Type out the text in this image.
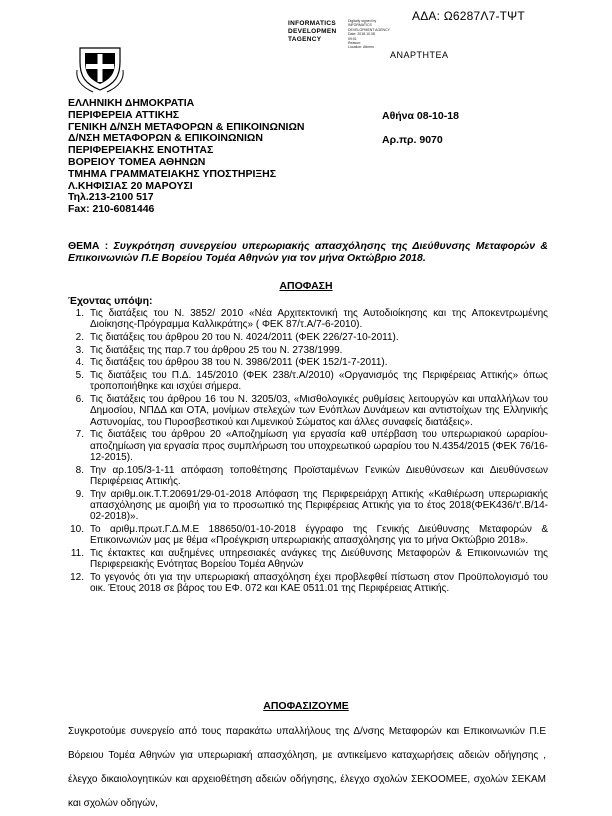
ΑΔΑ: Ω6287Λ7-ΤΨΤ
INFORMATICS
DEVELOPMEN
TAGENCY
Digitally signed by
INFORMATICS
DEVELOPMENT AGENCY
Date: 2018.10.08
09:01
Reason:
Location: Athens
ΑΝΑΡΤΗΤΕΑ
ΕΛΛΗΝΙΚΗ ΔΗΜΟΚΡΑΤΙΑ
ΠΕΡΙΦΕΡΕΙΑ ΑΤΤΙΚΗΣ
ΓΕΝΙΚΗ Δ/ΝΣΗ ΜΕΤΑΦΟΡΩΝ & ΕΠΙΚΟΙΝΩΝΙΩΝ
Δ/ΝΣΗ ΜΕΤΑΦΟΡΩΝ & ΕΠΙΚΟΙΝΩΝΙΩΝ
ΠΕΡΙΦΕΡΕΙΑΚΗΣ ΕΝΟΤΗΤΑΣ
ΒΟΡΕΙΟΥ ΤΟΜΕΑ ΑΘΗΝΩΝ
ΤΜΗΜΑ ΓΡΑΜΜΑΤΕΙΑΚΗΣ ΥΠΟΣΤΗΡΙΞΗΣ
Λ.ΚΗΦΙΣΙΑΣ 20 ΜΑΡΟΥΣΙ
Τηλ.213-2100 517
Fax: 210-6081446
Αθήνα 08-10-18
Αρ.πρ. 9070
ΘΕΜΑ : Συγκρότηση συνεργείου υπερωριακής απασχόλησης της Διεύθυνσης Μεταφορών & Επικοινωνιών Π.Ε Βορείου Τομέα Αθηνών για τον μήνα Οκτώβριο 2018.
ΑΠΟΦΑΣΗ
Έχοντας υπόψη:
1. Τις διατάξεις του Ν. 3852/ 2010 «Νέα Αρχιτεκτονική της Αυτοδιοίκησης και της Αποκεντρωμένης Διοίκησης-Πρόγραμμα Καλλικράτης» ( ΦΕΚ 87/τ.Α/7-6-2010).
2. Τις διατάξεις του άρθρου 20 του Ν. 4024/2011 (ΦΕΚ 226/27-10-2011).
3. Τις διατάξεις της παρ.7 του άρθρου 25 του Ν. 2738/1999.
4. Τις διατάξεις του άρθρου 38 του Ν. 3986/2011 (ΦΕΚ 152/1-7-2011).
5. Τις διατάξεις του Π.Δ. 145/2010 (ΦΕΚ 238/τ.Α/2010) «Οργανισμός της Περιφέρειας Αττικής» όπως τροποποιήθηκε και ισχύει σήμερα.
6. Τις διατάξεις του άρθρου 16 του Ν. 3205/03, «Μισθολογικές ρυθμίσεις λειτουργών και υπαλλήλων του Δημοσίου, ΝΠΔΔ και ΟΤΑ, μονίμων στελεχών των Ενόπλων Δυνάμεων και αντιστοίχων της Ελληνικής Αστυνομίας, του Πυροσβεστικού και Λιμενικού Σώματος και άλλες συναφείς διατάξεις».
7. Τις διατάξεις του άρθρου 20 «Αποζημίωση για εργασία καθ υπέρβαση του υπερωριακού ωραρίου-αποζημίωση για εργασία προς συμπλήρωση του υποχρεωτικού ωραρίου του Ν.4354/2015 (ΦΕΚ 76/16-12-2015).
8. Την αρ.105/3-1-11 απόφαση τοποθέτησης Προϊσταμένων Γενικών Διευθύνσεων και Διευθύνσεων Περιφέρειας Αττικής.
9. Την αριθμ.οικ.Τ.Τ.20691/29-01-2018 Απόφαση της Περιφερειάρχη Αττικής «Καθιέρωση υπερωριακής απασχόλησης με αμοιβή για το προσωπικό της Περιφέρειας Αττικής για το έτος 2018(ΦΕΚ436/τ'.Β/14-02-2018)».
10. Το αριθμ.πρωτ.Γ.Δ.Μ.Ε 188650/01-10-2018 έγγραφο της Γενικής Διεύθυνσης Μεταφορών & Επικοινωνιών μας με θέμα «Προέγκριση υπερωριακής απασχόλησης για το μήνα Οκτώβριο 2018».
11. Τις έκτακτες και αυξημένες υπηρεσιακές ανάγκες της Διεύθυνσης Μεταφορών & Επικοινωνιών της Περιφερειακής Ενότητας Βορείου Τομέα Αθηνών
12. Το γεγονός ότι για την υπερωριακή απασχόληση έχει προβλεφθεί πίστωση στον Προϋπολογισμό του οικ. Έτους 2018 σε βάρος του ΕΦ. 072 και ΚΑΕ 0511.01 της Περιφέρειας Αττικής.
ΑΠΟΦΑΣΙΖΟΥΜΕ
Συγκροτούμε συνεργείο από τους παρακάτω υπαλλήλους της Δ/νσης Μεταφορών και Επικοινωνιών Π.Ε Βόρειου Τομέα Αθηνών για υπερωριακή απασχόληση, με αντικείμενο καταχωρήσεις αδειών οδήγησης , έλεγχο δικαιολογητικών και αρχειοθέτηση αδειών οδήγησης, έλεγχο σχολών ΣΕΚΟΟΜΕΕ, σχολών ΣΕΚΑΜ και σχολών οδηγών,
